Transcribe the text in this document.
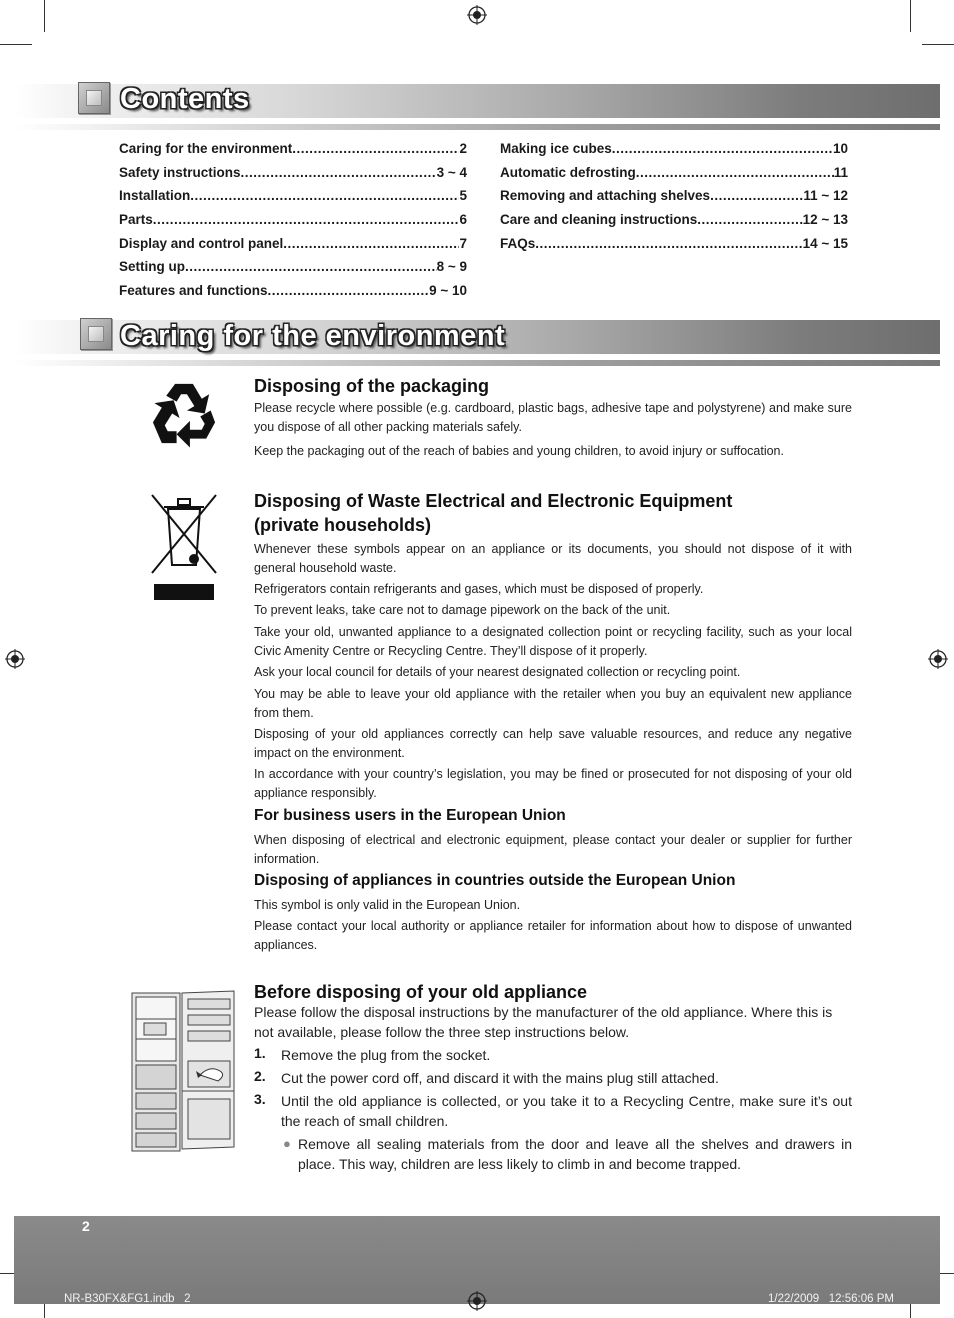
Contents
Caring for the environment .....	2
Safety instructions .....	3 ~ 4
Installation .....	5
Parts .....	6
Display and control panel .....	7
Setting up .....	8 ~ 9
Features and functions .....	9 ~ 10
Making ice cubes .....	10
Automatic defrosting .....	11
Removing and attaching shelves .....	11 ~ 12
Care and cleaning instructions .....	12 ~ 13
FAQs .....	14 ~ 15
Caring for the environment
Disposing of the packaging
Please recycle where possible (e.g. cardboard, plastic bags, adhesive tape and polystyrene) and make sure you dispose of all other packing materials safely.
Keep the packaging out of the reach of babies and young children, to avoid injury or suffocation.
Disposing of Waste Electrical and Electronic Equipment
(private households)
Whenever these symbols appear on an appliance or its documents, you should not dispose of it with general household waste.
Refrigerators contain refrigerants and gases, which must be disposed of properly.
To prevent leaks, take care not to damage pipework on the back of the unit.
Take your old, unwanted appliance to a designated collection point or recycling facility, such as your local Civic Amenity Centre or Recycling Centre. They’ll dispose of it properly.
Ask your local council for details of your nearest designated collection or recycling point.
You may be able to leave your old appliance with the retailer when you buy an equivalent new appliance from them.
Disposing of your old appliances correctly can help save valuable resources, and reduce any negative impact on the environment.
In accordance with your country’s legislation, you may be fined or prosecuted for not disposing of your old appliance responsibly.
For business users in the European Union
When disposing of electrical and electronic equipment, please contact your dealer or supplier for further information.
Disposing of appliances in countries outside the European Union
This symbol is only valid in the European Union.
Please contact your local authority or appliance retailer for information about how to dispose of unwanted appliances.
Before disposing of your old appliance
Please follow the disposal instructions by the manufacturer of the old appliance. Where this is not available, please follow the three step instructions below.
1. Remove the plug from the socket.
2. Cut the power cord off, and discard it with the mains plug still attached.
3. Until the old appliance is collected, or you take it to a Recycling Centre, make sure it’s out the reach of small children.
● Remove all sealing materials from the door and leave all the shelves and drawers in place. This way, children are less likely to climb in and become trapped.
2
NR-B30FX&FG1.indb   2	1/22/2009   12:56:06 PM
